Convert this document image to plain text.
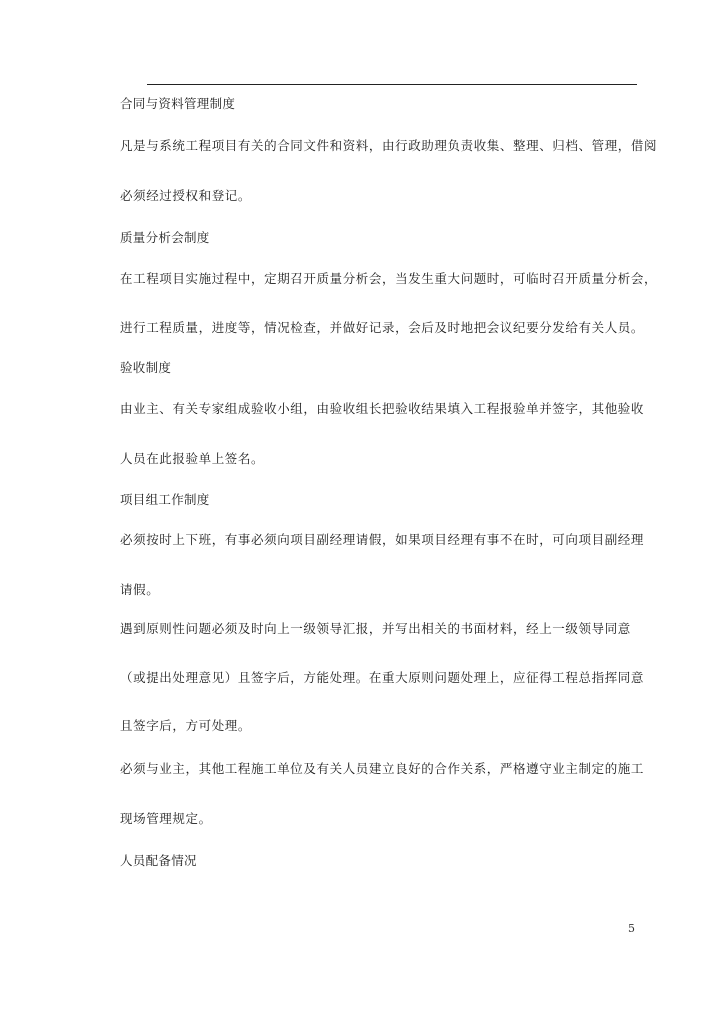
合同与资料管理制度
凡是与系统工程项目有关的合同文件和资料，由行政助理负责收集、整理、归档、管理，借阅
必须经过授权和登记。
质量分析会制度
在工程项目实施过程中，定期召开质量分析会，当发生重大问题时，可临时召开质量分析会，
进行工程质量，进度等，情况检查，并做好记录，会后及时地把会议纪要分发给有关人员。
验收制度
由业主、有关专家组成验收小组，由验收组长把验收结果填入工程报验单并签字，其他验收
人员在此报验单上签名。
项目组工作制度
必须按时上下班，有事必须向项目副经理请假，如果项目经理有事不在时，可向项目副经理
请假。
遇到原则性问题必须及时向上一级领导汇报，并写出相关的书面材料，经上一级领导同意
（或提出处理意见）且签字后，方能处理。在重大原则问题处理上，应征得工程总指挥同意
且签字后，方可处理。
必须与业主，其他工程施工单位及有关人员建立良好的合作关系，严格遵守业主制定的施工
现场管理规定。
人员配备情况
5
